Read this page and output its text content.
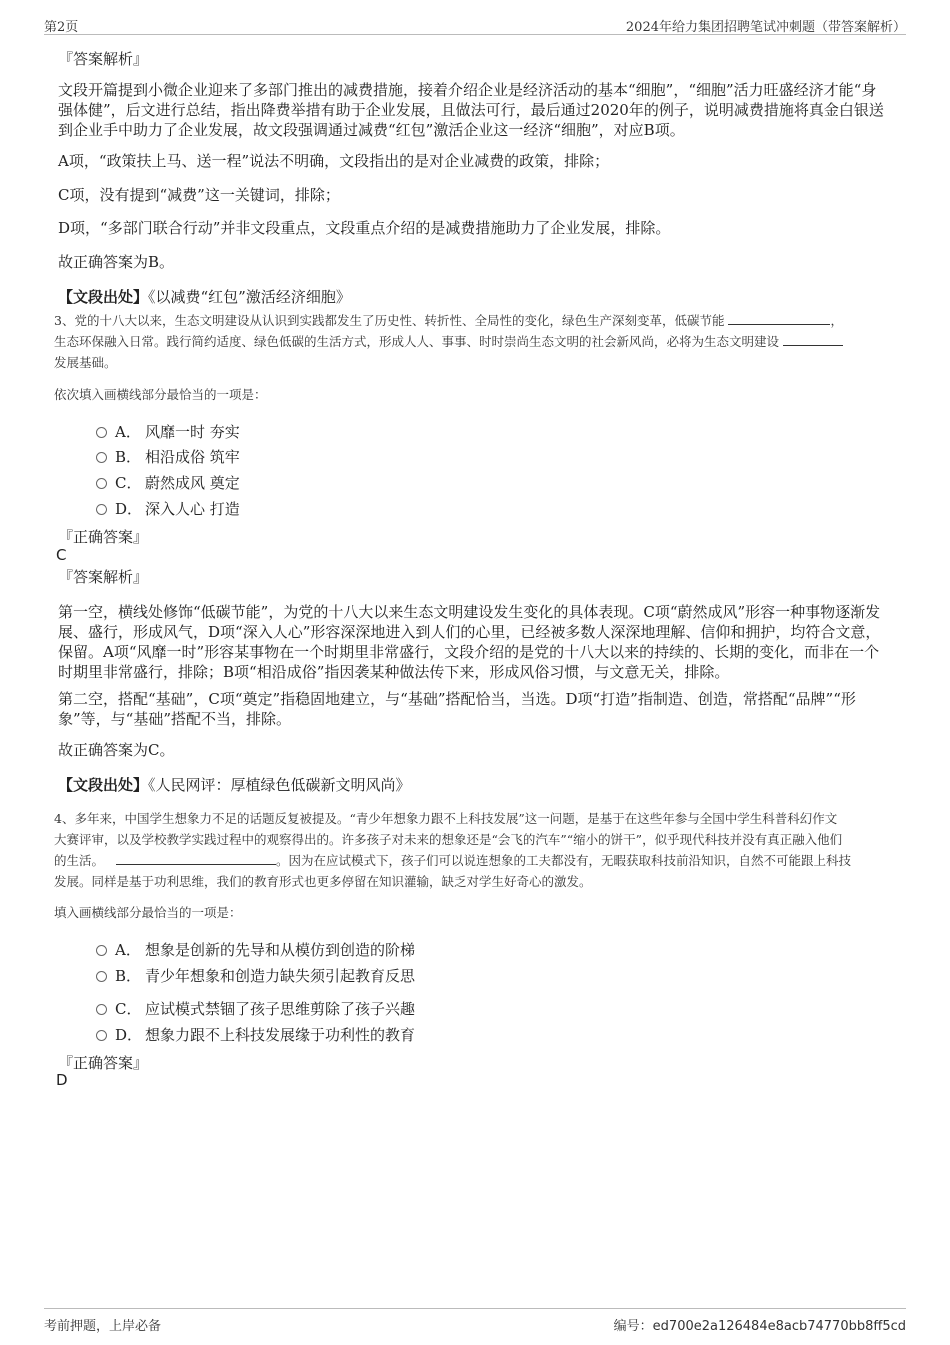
第2页	2024年给力集团招聘笔试冲刺题（带答案解析）
『答案解析』
文段开篇提到小微企业迎来了多部门推出的减费措施，接着介绍企业是经济活动的基本“细胞”，“细胞”活力旺盛经济才能“身
强体健”，后文进行总结，指出降费举措有助于企业发展，且做法可行，最后通过2020年的例子，说明减费措施将真金白银送
到企业手中助力了企业发展，故文段强调通过减费“红包”激活企业这一经济“细胞”，对应B项。
A项，“政策扶上马、送一程”说法不明确，文段指出的是对企业减费的政策，排除；
C项，没有提到“减费”这一关键词，排除；
D项，“多部门联合行动”并非文段重点，文段重点介绍的是减费措施助力了企业发展，排除。
故正确答案为B。
【文段出处】《以减费“红包”激活经济细胞》
3、党的十八大以来，生态文明建设从认识到实践都发生了历史性、转折性、全局性的变化，绿色生产深刻变革，低碳节能	，
生态环保融入日常。践行简约适度、绿色低碳的生活方式，形成人人、事事、时时崇尚生态文明的社会新风尚，必将为生态文明建设
发展基础。
依次填入画横线部分最恰当的一项是：
A． 风靡一时 夯实
B． 相沿成俗 筑牢
C． 蔚然成风 奠定
D． 深入人心 打造
『正确答案』
C
『答案解析』
第一空，横线处修饰“低碳节能”，为党的十八大以来生态文明建设发生变化的具体表现。C项“蔚然成风”形容一种事物逐渐发
展、盛行，形成风气，D项“深入人心”形容深深地进入到人们的心里，已经被多数人深深地理解、信仰和拥护，均符合文意，
保留。A项“风靡一时”形容某事物在一个时期里非常盛行，文段介绍的是党的十八大以来的持续的、长期的变化，而非在一个
时期里非常盛行，排除；B项“相沿成俗”指因袭某种做法传下来，形成风俗习惯，与文意无关，排除。
第二空，搭配“基础”，C项“奠定”指稳固地建立，与“基础”搭配恰当，当选。D项“打造”指制造、创造，常搭配“品牌”“形
象”等，与“基础”搭配不当，排除。
故正确答案为C。
【文段出处】《人民网评：厚植绿色低碳新文明风尚》
4、多年来，中国学生想象力不足的话题反复被提及。“青少年想象力跟不上科技发展”这一问题，是基于在这些年参与全国中学生科普科幻作文
大赛评审，以及学校教学实践过程中的观察得出的。许多孩子对未来的想象还是“会飞的汽车”“缩小的饼干”，似乎现代科技并没有真正融入他们
的生活。	。因为在应试模式下，孩子们可以说连想象的工夫都没有，无暇获取科技前沿知识，自然不可能跟上科技
发展。同样是基于功利思维，我们的教育形式也更多停留在知识灌输，缺乏对学生好奇心的激发。
填入画横线部分最恰当的一项是：
A． 想象是创新的先导和从模仿到创造的阶梯
B． 青少年想象和创造力缺失须引起教育反思
C． 应试模式禁锢了孩子思维剪除了孩子兴趣
D． 想象力跟不上科技发展缘于功利性的教育
『正确答案』
D
考前押题，上岸必备	编号：ed700e2a126484e8acb74770bb8ff5cd
